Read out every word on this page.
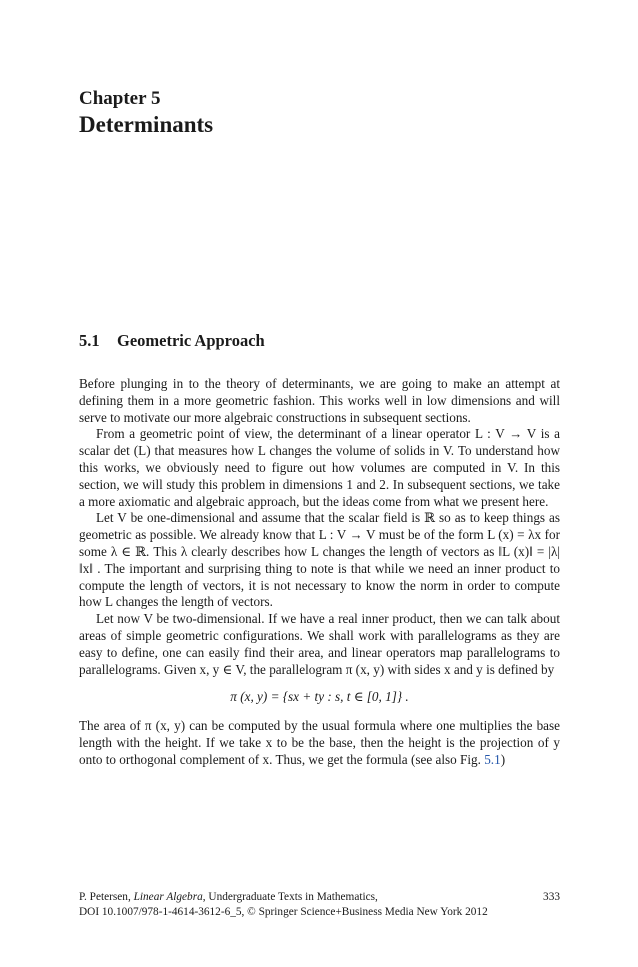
Chapter 5
Determinants
5.1 Geometric Approach

Before plunging in to the theory of determinants, we are going to make an attempt at defining them in a more geometric fashion. This works well in low dimensions and will serve to motivate our more algebraic constructions in subsequent sections.

From a geometric point of view, the determinant of a linear operator L : V → V is a scalar det (L) that measures how L changes the volume of solids in V. To understand how this works, we obviously need to figure out how volumes are computed in V. In this section, we will study this problem in dimensions 1 and 2. In subsequent sections, we take a more axiomatic and algebraic approach, but the ideas come from what we present here.

Let V be one-dimensional and assume that the scalar field is ℝ so as to keep things as geometric as possible. We already know that L : V → V must be of the form L (x) = λx for some λ ∈ ℝ. This λ clearly describes how L changes the length of vectors as ‖L (x)‖ = |λ| ‖x‖ . The important and surprising thing to note is that while we need an inner product to compute the length of vectors, it is not necessary to know the norm in order to compute how L changes the length of vectors.

Let now V be two-dimensional. If we have a real inner product, then we can talk about areas of simple geometric configurations. We shall work with parallelograms as they are easy to define, one can easily find their area, and linear operators map parallelograms to parallelograms. Given x, y ∈ V, the parallelogram π (x, y) with sides x and y is defined by

π (x, y) = {sx + ty : s, t ∈ [0, 1]} .

The area of π (x, y) can be computed by the usual formula where one multiplies the base length with the height. If we take x to be the base, then the height is the projection of y onto to orthogonal complement of x. Thus, we get the formula (see also Fig. 5.1)

P. Petersen, Linear Algebra, Undergraduate Texts in Mathematics,	333
DOI 10.1007/978-1-4614-3612-6_5, © Springer Science+Business Media New York 2012
